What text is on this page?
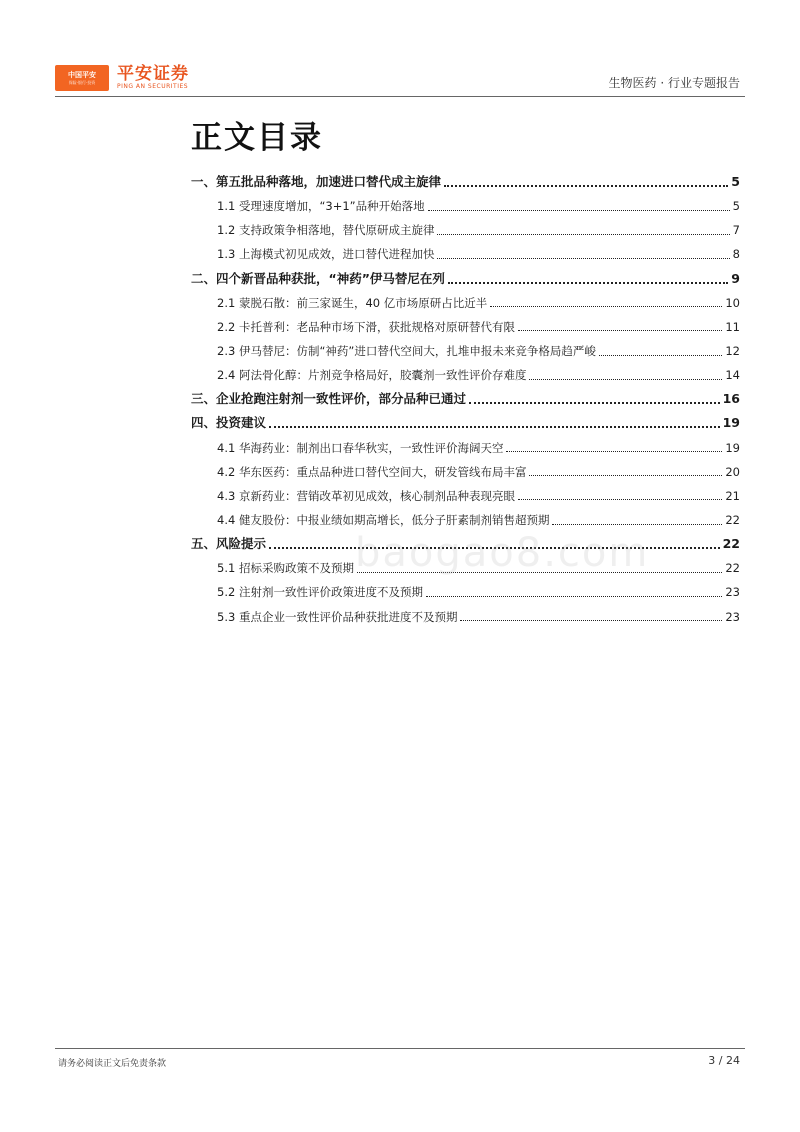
中国平安
保险·银行·投资 平安证券
PING AN SECURITIES	生物医药 · 行业专题报告
正文目录
一、第五批品种落地，加速进口替代成主旋律	5
1.1 受理速度增加，“3+1”品种开始落地	5
1.2 支持政策争相落地，替代原研成主旋律	7
1.3 上海模式初见成效，进口替代进程加快	8
二、四个新晋品种获批，“神药”伊马替尼在列	9
2.1 蒙脱石散：前三家诞生，40 亿市场原研占比近半	10
2.2 卡托普利：老品种市场下滑，获批规格对原研替代有限	11
2.3 伊马替尼：仿制“神药”进口替代空间大，扎堆申报未来竞争格局趋严峻	12
2.4 阿法骨化醇：片剂竞争格局好，胶囊剂一致性评价存难度	14
三、企业抢跑注射剂一致性评价，部分品种已通过	16
四、投资建议	19
4.1 华海药业：制剂出口春华秋实，一致性评价海阔天空	19
4.2 华东医药：重点品种进口替代空间大，研发管线布局丰富	20
4.3 京新药业：营销改革初见成效，核心制剂品种表现亮眼	21
4.4 健友股份：中报业绩如期高增长，低分子肝素制剂销售超预期	22
五、风险提示	22
5.1 招标采购政策不及预期	22
5.2 注射剂一致性评价政策进度不及预期	23
5.3 重点企业一致性评价品种获批进度不及预期	23
baogao8.com
请务必阅读正文后免责条款	3 / 24
